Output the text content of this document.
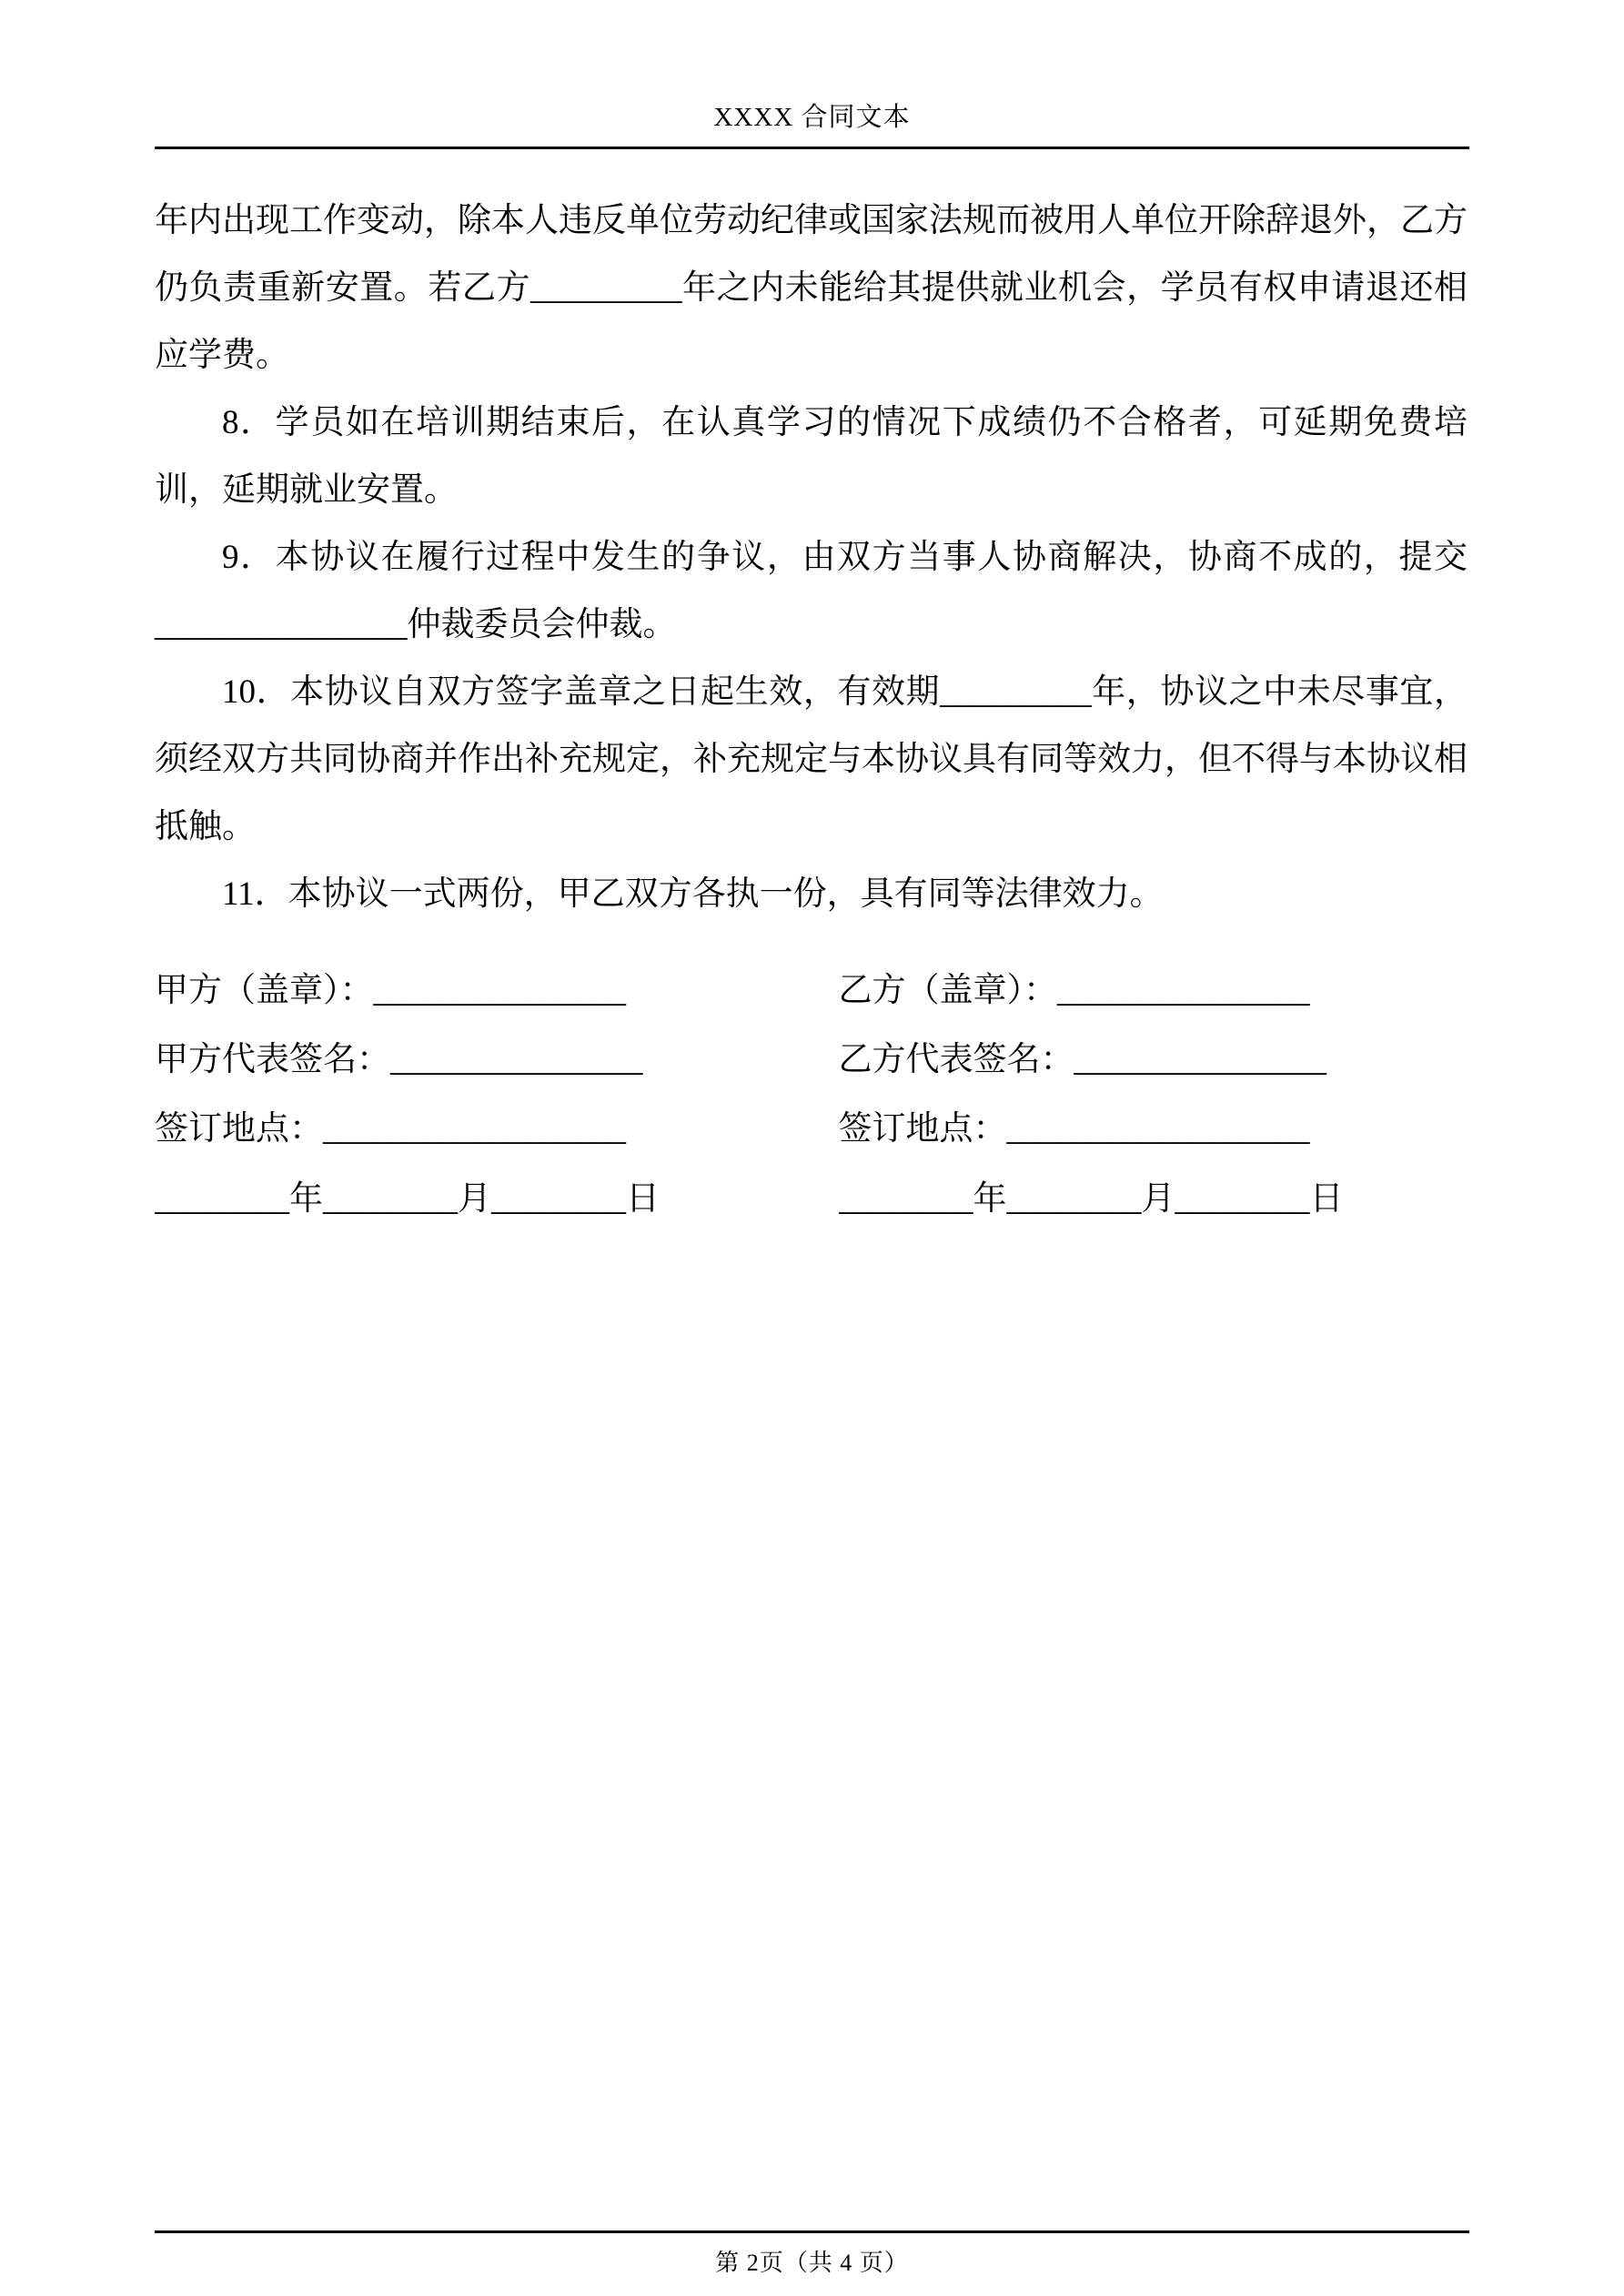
XXXX 合同文本

年内出现工作变动，除本人违反单位劳动纪律或国家法规而被用人单位开除辞退外，乙方仍负责重新安置。若乙方_________年之内未能给其提供就业机会，学员有权申请退还相应学费。

8．学员如在培训期结束后，在认真学习的情况下成绩仍不合格者，可延期免费培训，延期就业安置。

9．本协议在履行过程中发生的争议，由双方当事人协商解决，协商不成的，提交_______________仲裁委员会仲裁。

10．本协议自双方签字盖章之日起生效，有效期_________年，协议之中未尽事宜，须经双方共同协商并作出补充规定，补充规定与本协议具有同等效力，但不得与本协议相抵触。

11．本协议一式两份，甲乙双方各执一份，具有同等法律效力。

甲方（盖章）：_______________	乙方（盖章）：_______________
甲方代表签名：_______________	乙方代表签名：_______________
签订地点：__________________	签订地点：__________________
________年________月________日	________年________月________日
第 2页（共 4 页）
